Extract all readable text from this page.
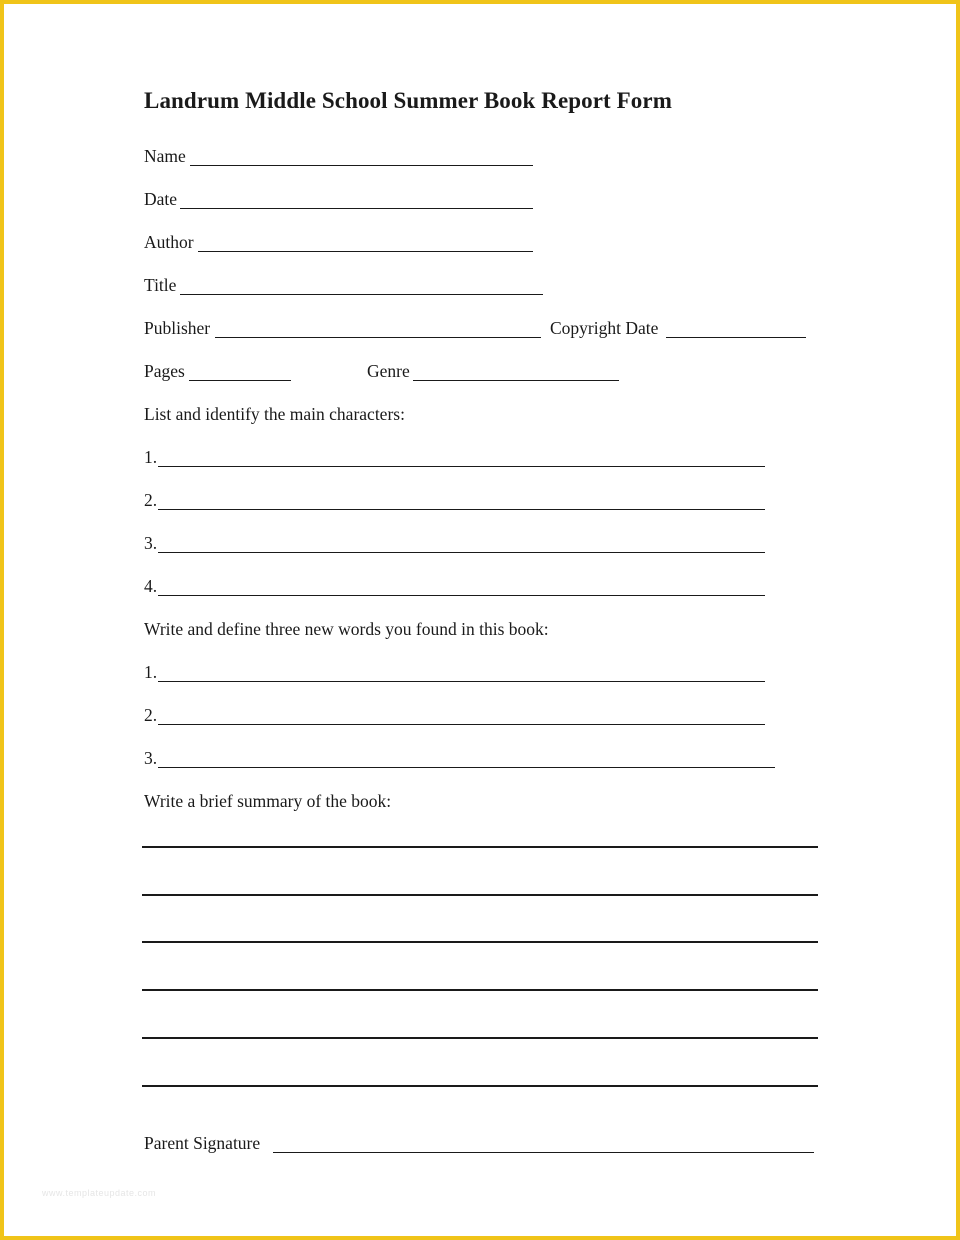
Landrum Middle School Summer Book Report Form
Name
Date
Author
Title
Publisher	Copyright Date
Pages	Genre
List and identify the main characters:
1.
2.
3.
4.
Write and define three new words you found in this book:
1.
2.
3.
Write a brief summary of the book:
Parent Signature
www.templateupdate.com
